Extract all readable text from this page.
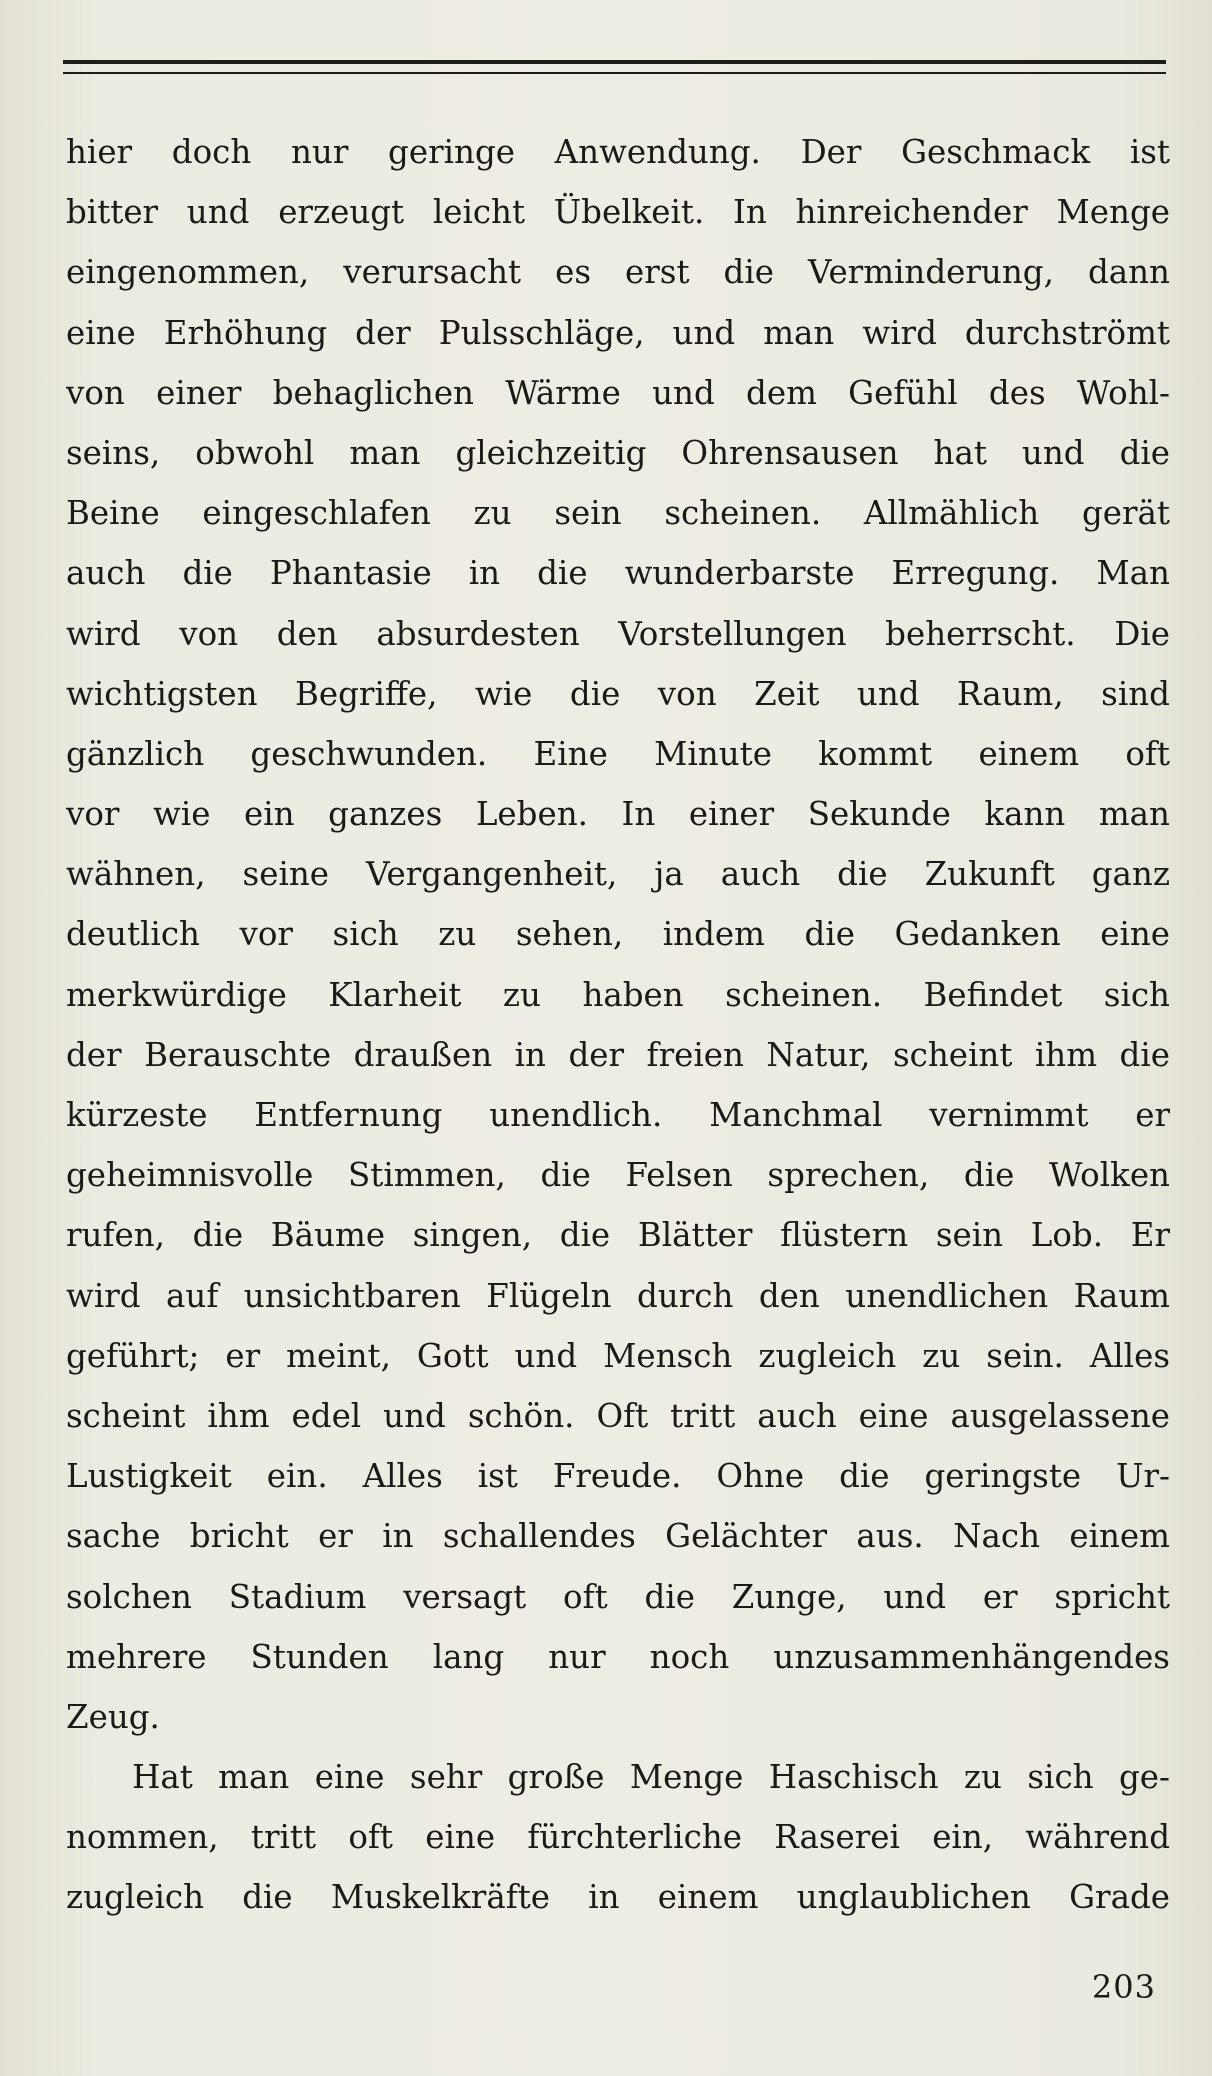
hier doch nur geringe Anwendung. Der Geschmack ist
bitter und erzeugt leicht Übelkeit. In hinreichender Menge
eingenommen, verursacht es erst die Verminderung, dann
eine Erhöhung der Pulsschläge, und man wird durchströmt
von einer behaglichen Wärme und dem Gefühl des Wohl-
seins, obwohl man gleichzeitig Ohrensausen hat und die
Beine eingeschlafen zu sein scheinen. Allmählich gerät
auch die Phantasie in die wunderbarste Erregung. Man
wird von den absurdesten Vorstellungen beherrscht. Die
wichtigsten Begriffe, wie die von Zeit und Raum, sind
gänzlich geschwunden. Eine Minute kommt einem oft
vor wie ein ganzes Leben. In einer Sekunde kann man
wähnen, seine Vergangenheit, ja auch die Zukunft ganz
deutlich vor sich zu sehen, indem die Gedanken eine
merkwürdige Klarheit zu haben scheinen. Befindet sich
der Berauschte draußen in der freien Natur, scheint ihm die
kürzeste Entfernung unendlich. Manchmal vernimmt er
geheimnisvolle Stimmen, die Felsen sprechen, die Wolken
rufen, die Bäume singen, die Blätter flüstern sein Lob. Er
wird auf unsichtbaren Flügeln durch den unendlichen Raum
geführt; er meint, Gott und Mensch zugleich zu sein. Alles
scheint ihm edel und schön. Oft tritt auch eine ausgelassene
Lustigkeit ein. Alles ist Freude. Ohne die geringste Ur-
sache bricht er in schallendes Gelächter aus. Nach einem
solchen Stadium versagt oft die Zunge, und er spricht
mehrere Stunden lang nur noch unzusammenhängendes
Zeug.
Hat man eine sehr große Menge Haschisch zu sich ge-
nommen, tritt oft eine fürchterliche Raserei ein, während
zugleich die Muskelkräfte in einem unglaublichen Grade
203
